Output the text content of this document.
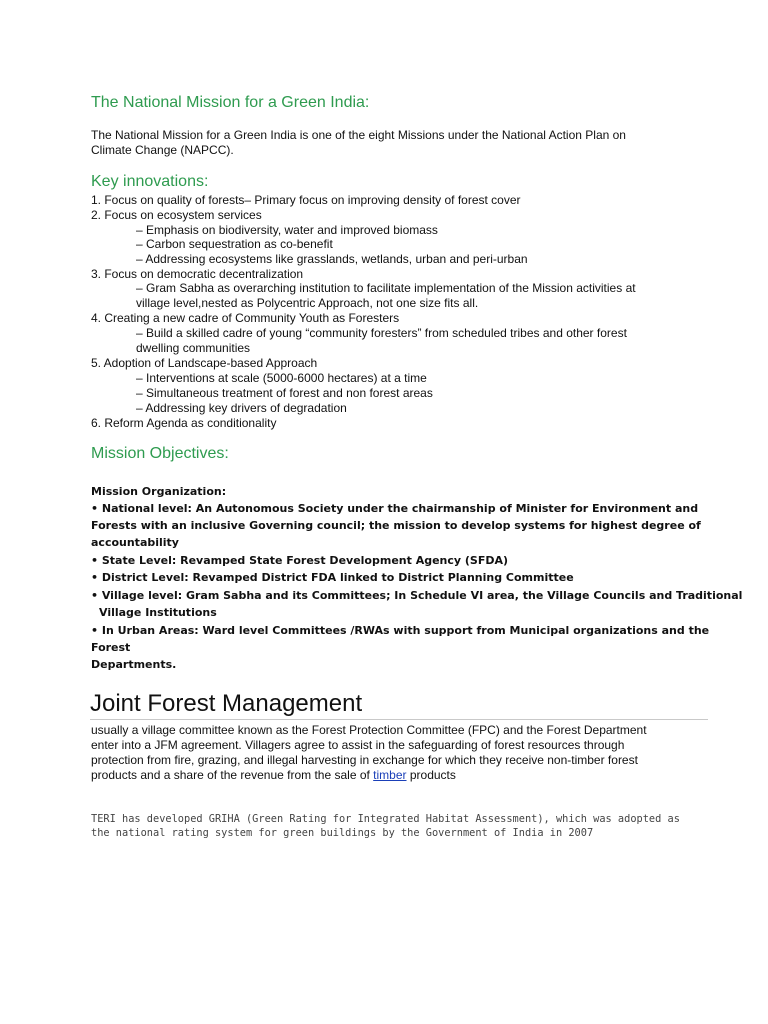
The National Mission for a Green India:
The National Mission for a Green India is one of the eight Missions under the National Action Plan on
Climate Change (NAPCC).
Key innovations:
1. Focus on quality of forests– Primary focus on improving density of forest cover
2. Focus on ecosystem services
– Emphasis on biodiversity, water and improved biomass
– Carbon sequestration as co-benefit
– Addressing ecosystems like grasslands, wetlands, urban and peri-urban
3. Focus on democratic decentralization
– Gram Sabha as overarching institution to facilitate implementation of the Mission activities at
village level,nested as Polycentric Approach, not one size fits all.
4. Creating a new cadre of Community Youth as Foresters
– Build a skilled cadre of young “community foresters” from scheduled tribes and other forest
dwelling communities
5. Adoption of Landscape-based Approach
– Interventions at scale (5000-6000 hectares) at a time
– Simultaneous treatment of forest and non forest areas
– Addressing key drivers of degradation
6. Reform Agenda as conditionality
Mission Objectives:
Mission Organization:
• National level: An Autonomous Society under the chairmanship of Minister for Environment and
Forests with an inclusive Governing council; the mission to develop systems for highest degree of
accountability
• State Level: Revamped State Forest Development Agency (SFDA)
• District Level: Revamped District FDA linked to District Planning Committee
• Village level: Gram Sabha and its Committees; In Schedule VI area, the Village Councils and Traditional
Village Institutions
• In Urban Areas: Ward level Committees /RWAs with support from Municipal organizations and the
Forest
Departments.
Joint Forest Management
usually a village committee known as the Forest Protection Committee (FPC) and the Forest Department
enter into a JFM agreement. Villagers agree to assist in the safeguarding of forest resources through
protection from fire, grazing, and illegal harvesting in exchange for which they receive non-timber forest
products and a share of the revenue from the sale of timber products
TERI has developed GRIHA (Green Rating for Integrated Habitat Assessment), which was adopted as
the national rating system for green buildings by the Government of India in 2007
